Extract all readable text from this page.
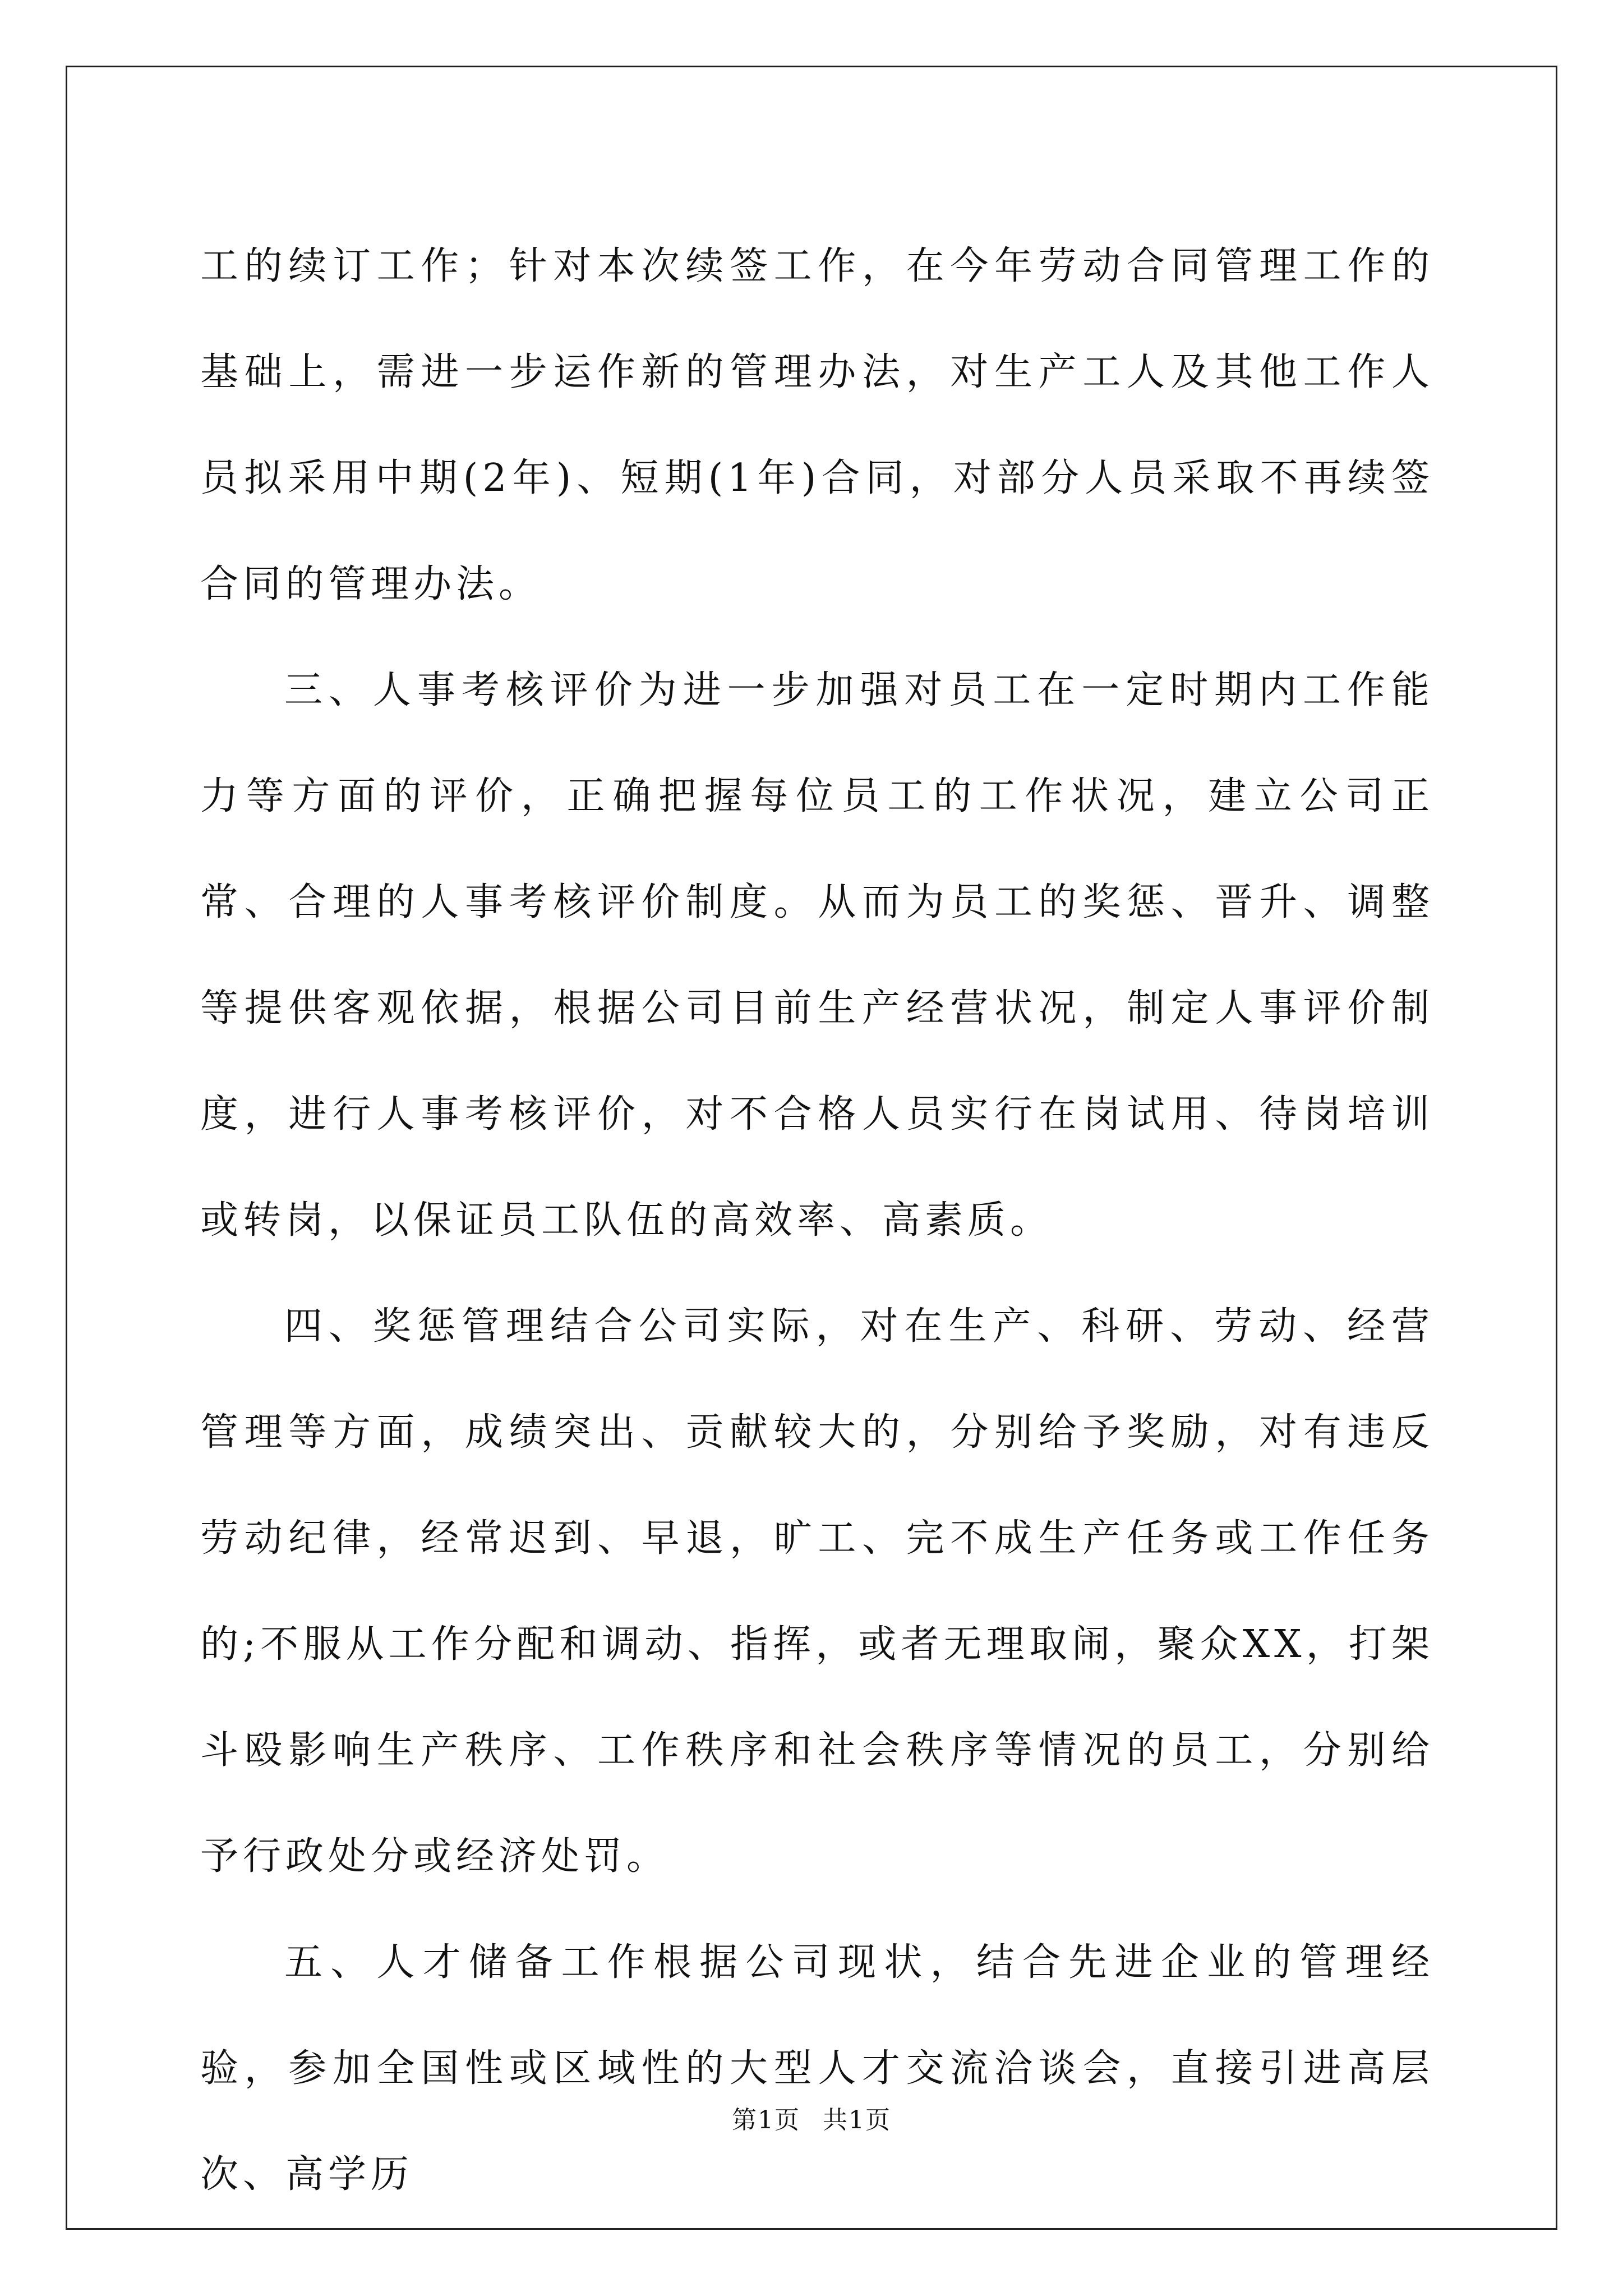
工的续订工作；针对本次续签工作，在今年劳动合同管理工作的基础上，需进一步运作新的管理办法，对生产工人及其他工作人员拟采用中期(2年)、短期(1年)合同，对部分人员采取不再续签合同的管理办法。

三、人事考核评价为进一步加强对员工在一定时期内工作能力等方面的评价，正确把握每位员工的工作状况，建立公司正常、合理的人事考核评价制度。从而为员工的奖惩、晋升、调整等提供客观依据，根据公司目前生产经营状况，制定人事评价制度，进行人事考核评价，对不合格人员实行在岗试用、待岗培训或转岗，以保证员工队伍的高效率、高素质。

四、奖惩管理结合公司实际，对在生产、科研、劳动、经营管理等方面，成绩突出、贡献较大的，分别给予奖励，对有违反劳动纪律，经常迟到、早退，旷工、完不成生产任务或工作任务的;不服从工作分配和调动、指挥，或者无理取闹，聚众XX，打架斗殴影响生产秩序、工作秩序和社会秩序等情况的员工，分别给予行政处分或经济处罚。

五、人才储备工作根据公司现状，结合先进企业的管理经验，参加全国性或区域性的大型人才交流洽谈会，直接引进高层次、高学历

第1页 共1页
